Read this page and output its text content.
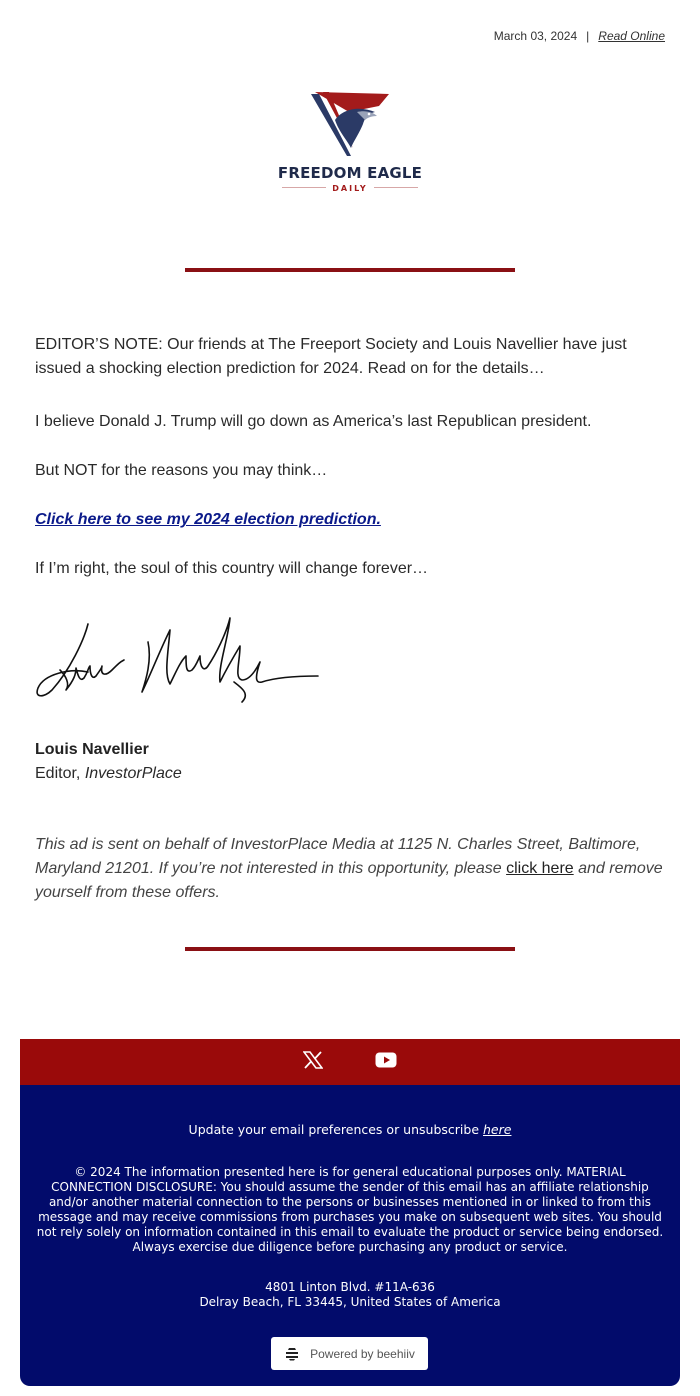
March 03, 2024 | Read Online
FREEDOM EAGLE
DAILY

EDITOR’S NOTE: Our friends at The Freeport Society and Louis Navellier have just issued a shocking election prediction for 2024. Read on for the details…

I believe Donald J. Trump will go down as America’s last Republican president.

But NOT for the reasons you may think…

Click here to see my 2024 election prediction.

If I’m right, the soul of this country will change forever…

Louis Navellier
Editor, InvestorPlace
This ad is sent on behalf of InvestorPlace Media at 1125 N. Charles Street, Baltimore, Maryland 21201. If you’re not interested in this opportunity, please click here and remove yourself from these offers.
Update your email preferences or unsubscribe here
© 2024 The information presented here is for general educational purposes only. MATERIAL CONNECTION DISCLOSURE: You should assume the sender of this email has an affiliate relationship and/or another material connection to the persons or businesses mentioned in or linked to from this message and may receive commissions from purchases you make on subsequent web sites. You should not rely solely on information contained in this email to evaluate the product or service being endorsed. Always exercise due diligence before purchasing any product or service.
4801 Linton Blvd. #11A-636
Delray Beach, FL 33445, United States of America
Powered by beehiiv
